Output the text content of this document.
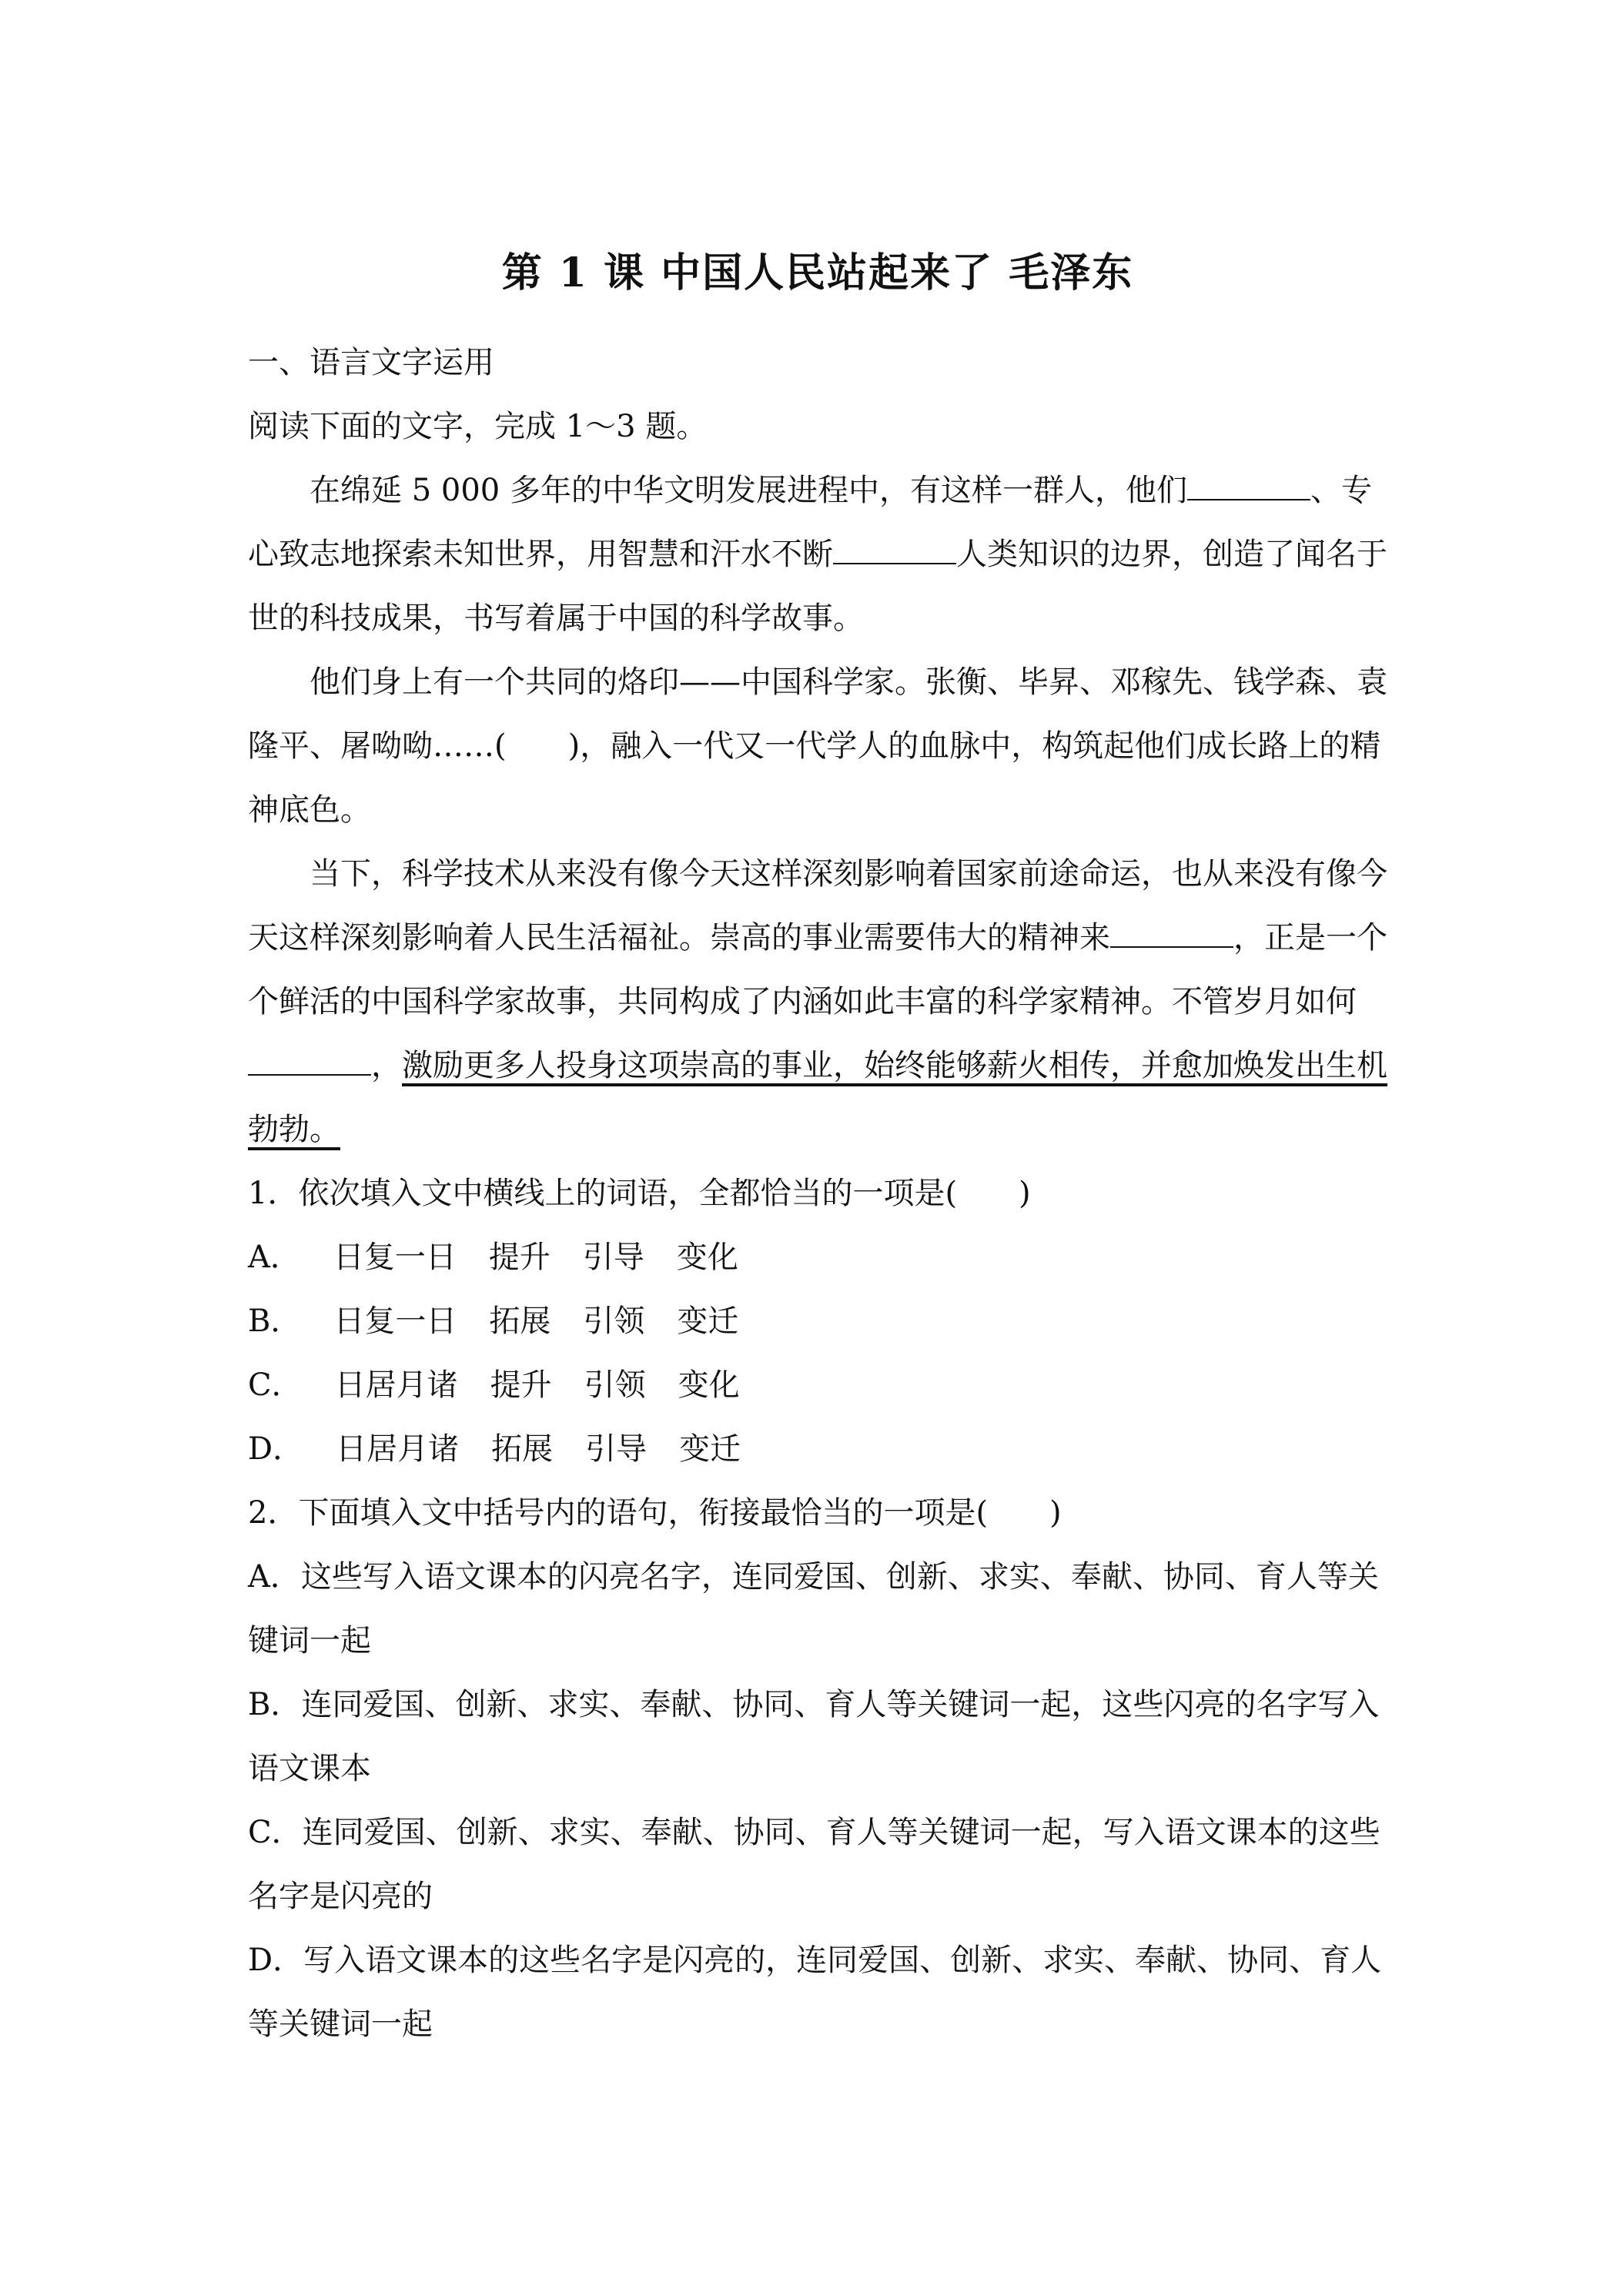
第 1 课 中国人民站起来了 毛泽东

一、语言文字运用

阅读下面的文字，完成 1～3 题。

在绵延 5 000 多年的中华文明发展进程中，有这样一群人，他们	、专心致志地探索未知世界，用智慧和汗水不断	人类知识的边界，创造了闻名于世的科技成果，书写着属于中国的科学故事。

他们身上有一个共同的烙印——中国科学家。张衡、毕昇、邓稼先、钱学森、袁隆平、屠呦呦……(　　)，融入一代又一代学人的血脉中，构筑起他们成长路上的精神底色。

当下，科学技术从来没有像今天这样深刻影响着国家前途命运，也从来没有像今天这样深刻影响着人民生活福祉。崇高的事业需要伟大的精神来	，正是一个个鲜活的中国科学家故事，共同构成了内涵如此丰富的科学家精神。不管岁月如何，激励更多人投身这项崇高的事业，始终能够薪火相传，并愈加焕发出生机勃勃。

1．依次填入文中横线上的词语，全都恰当的一项是(　　)

A． 日复一日 提升 引导 变化

B． 日复一日 拓展 引领 变迁

C． 日居月诸 提升 引领 变化

D． 日居月诸 拓展 引导 变迁

2．下面填入文中括号内的语句，衔接最恰当的一项是(　　)

A．这些写入语文课本的闪亮名字，连同爱国、创新、求实、奉献、协同、育人等关键词一起

B．连同爱国、创新、求实、奉献、协同、育人等关键词一起，这些闪亮的名字写入语文课本

C．连同爱国、创新、求实、奉献、协同、育人等关键词一起，写入语文课本的这些名字是闪亮的

D．写入语文课本的这些名字是闪亮的，连同爱国、创新、求实、奉献、协同、育人等关键词一起
